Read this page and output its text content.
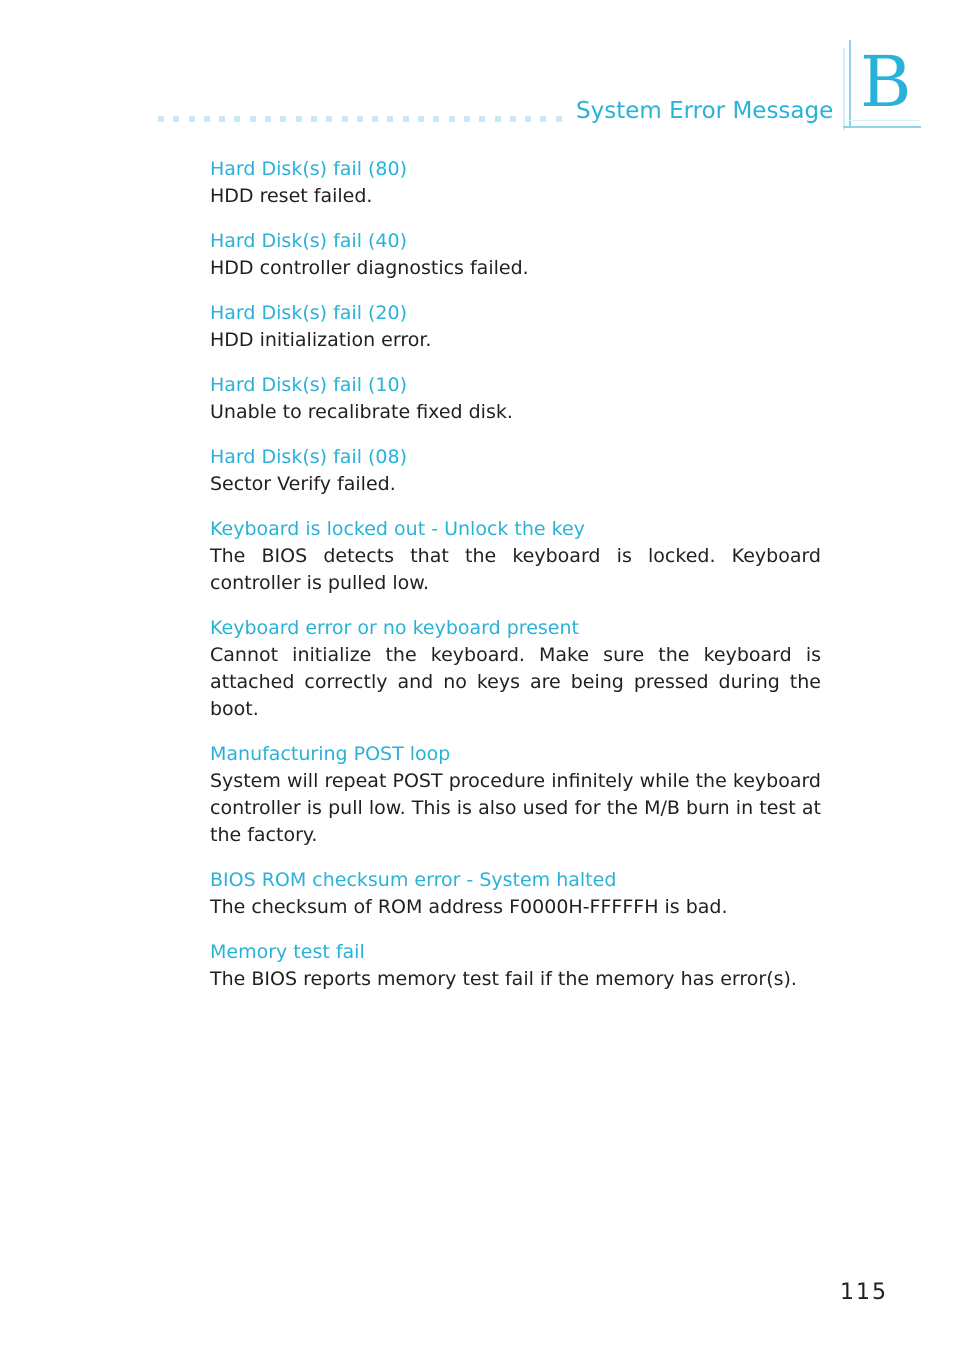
System Error Message B
Hard Disk(s) fail (80)
HDD reset failed.
Hard Disk(s) fail (40)
HDD controller diagnostics failed.
Hard Disk(s) fail (20)
HDD initialization error.
Hard Disk(s) fail (10)
Unable to recalibrate fixed disk.
Hard Disk(s) fail (08)
Sector Verify failed.
Keyboard is locked out - Unlock the key
The BIOS detects that the keyboard is locked. Keyboard controller is pulled low.
Keyboard error or no keyboard present
Cannot initialize the keyboard. Make sure the keyboard is attached correctly and no keys are being pressed during the boot.
Manufacturing POST loop
System will repeat POST procedure infinitely while the keyboard controller is pull low. This is also used for the M/B burn in test at the factory.
BIOS ROM checksum error - System halted
The checksum of ROM address F0000H-FFFFFH is bad.
Memory test fail
The BIOS reports memory test fail if the memory has error(s).
115
